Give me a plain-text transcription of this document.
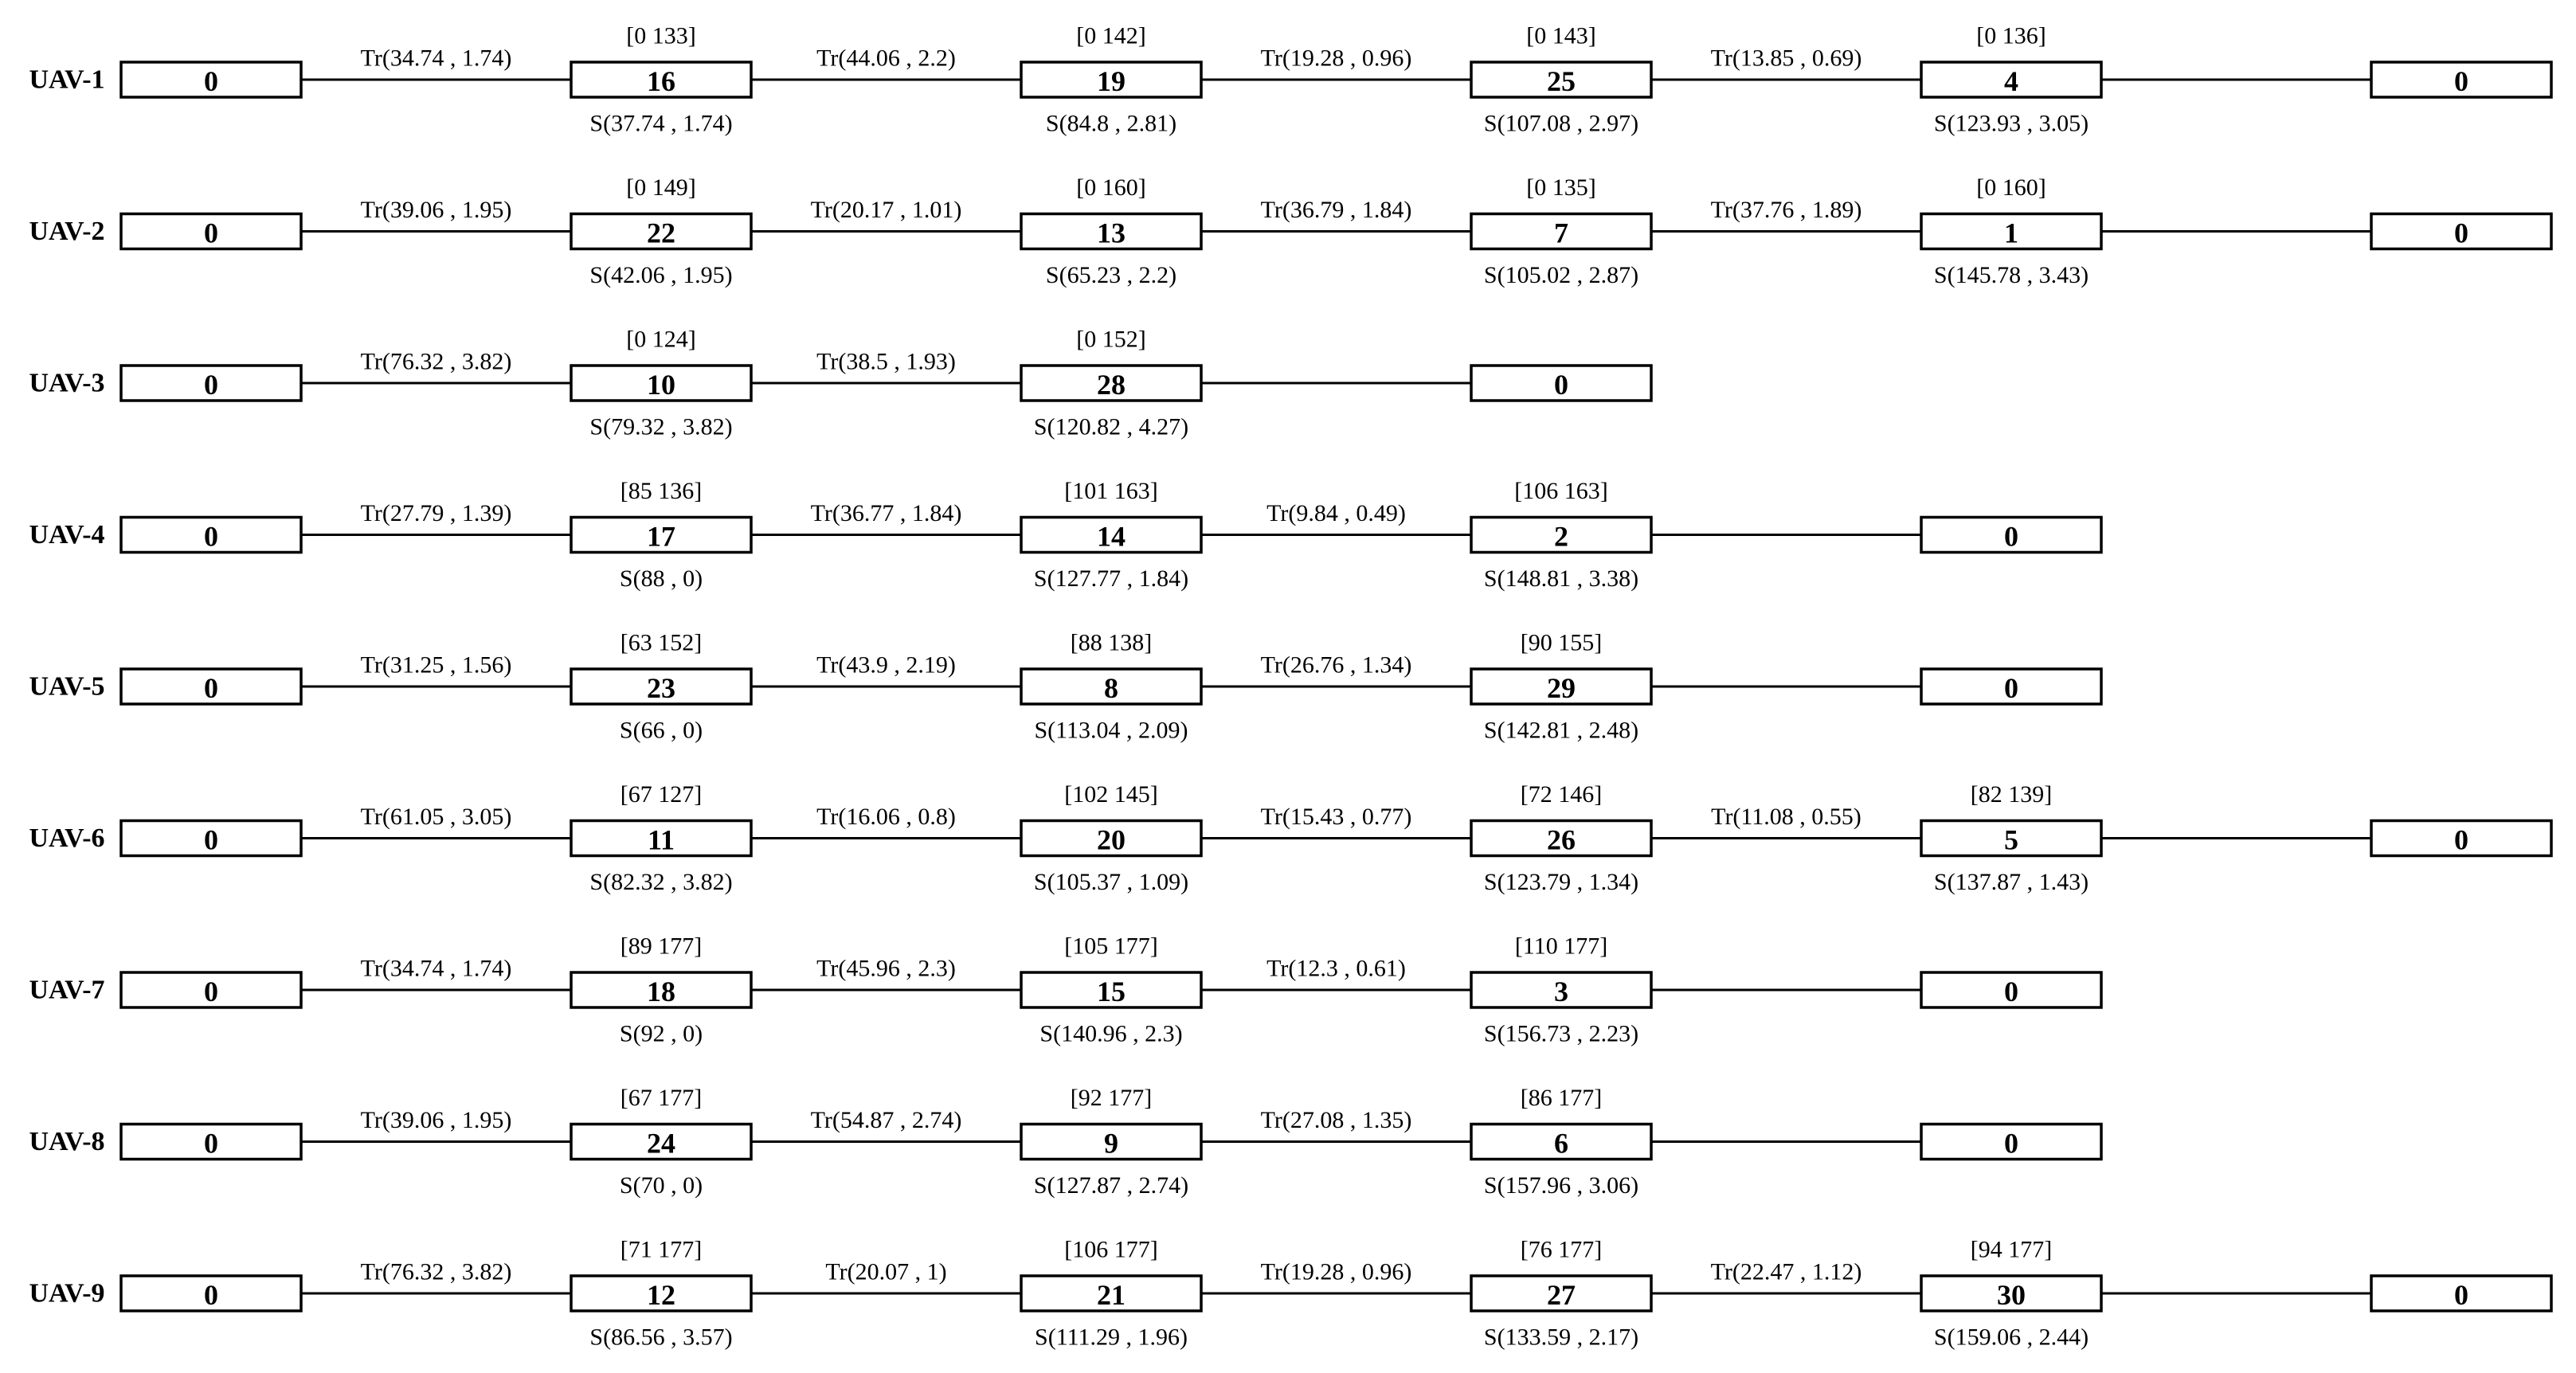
UAV-1
Tr(34.74 , 1.74)	Tr(44.06 , 2.2)	Tr(19.28 , 0.96)	Tr(13.85 , 0.69)
0	16
[0 133]
S(37.74 , 1.74)
19
[0 142]
S(84.8 , 2.81)
25
[0 143]
S(107.08 , 2.97)
4
[0 136]
S(123.93 , 3.05)
0
UAV-2
Tr(39.06 , 1.95)	Tr(20.17 , 1.01)	Tr(36.79 , 1.84)	Tr(37.76 , 1.89)
0	22
[0 149]
S(42.06 , 1.95)
13
[0 160]
S(65.23 , 2.2)
7
[0 135]
S(105.02 , 2.87)
1
[0 160]
S(145.78 , 3.43)
0
UAV-3
Tr(76.32 , 3.82)	Tr(38.5 , 1.93)
0	10
[0 124]
S(79.32 , 3.82)
28
[0 152]
S(120.82 , 4.27)
0
UAV-4
Tr(27.79 , 1.39)	Tr(36.77 , 1.84)	Tr(9.84 , 0.49)
0	17
[85 136]
S(88 , 0)
14
[101 163]
S(127.77 , 1.84)
2
[106 163]
S(148.81 , 3.38)
0
UAV-5
Tr(31.25 , 1.56)	Tr(43.9 , 2.19)	Tr(26.76 , 1.34)
0	23
[63 152]
S(66 , 0)
8
[88 138]
S(113.04 , 2.09)
29
[90 155]
S(142.81 , 2.48)
0
UAV-6
Tr(61.05 , 3.05)	Tr(16.06 , 0.8)	Tr(15.43 , 0.77)	Tr(11.08 , 0.55)
0	11
[67 127]
S(82.32 , 3.82)
20
[102 145]
S(105.37 , 1.09)
26
[72 146]
S(123.79 , 1.34)
5
[82 139]
S(137.87 , 1.43)
0
UAV-7
Tr(34.74 , 1.74)	Tr(45.96 , 2.3)	Tr(12.3 , 0.61)
0	18
[89 177]
S(92 , 0)
15
[105 177]
S(140.96 , 2.3)
3
[110 177]
S(156.73 , 2.23)
0
UAV-8
Tr(39.06 , 1.95)	Tr(54.87 , 2.74)	Tr(27.08 , 1.35)
0	24
[67 177]
S(70 , 0)
9
[92 177]
S(127.87 , 2.74)
6
[86 177]
S(157.96 , 3.06)
0
UAV-9
Tr(76.32 , 3.82)	Tr(20.07 , 1)	Tr(19.28 , 0.96)	Tr(22.47 , 1.12)
0	12
[71 177]
S(86.56 , 3.57)
21
[106 177]
S(111.29 , 1.96)
27
[76 177]
S(133.59 , 2.17)
30
[94 177]
S(159.06 , 2.44)
0
